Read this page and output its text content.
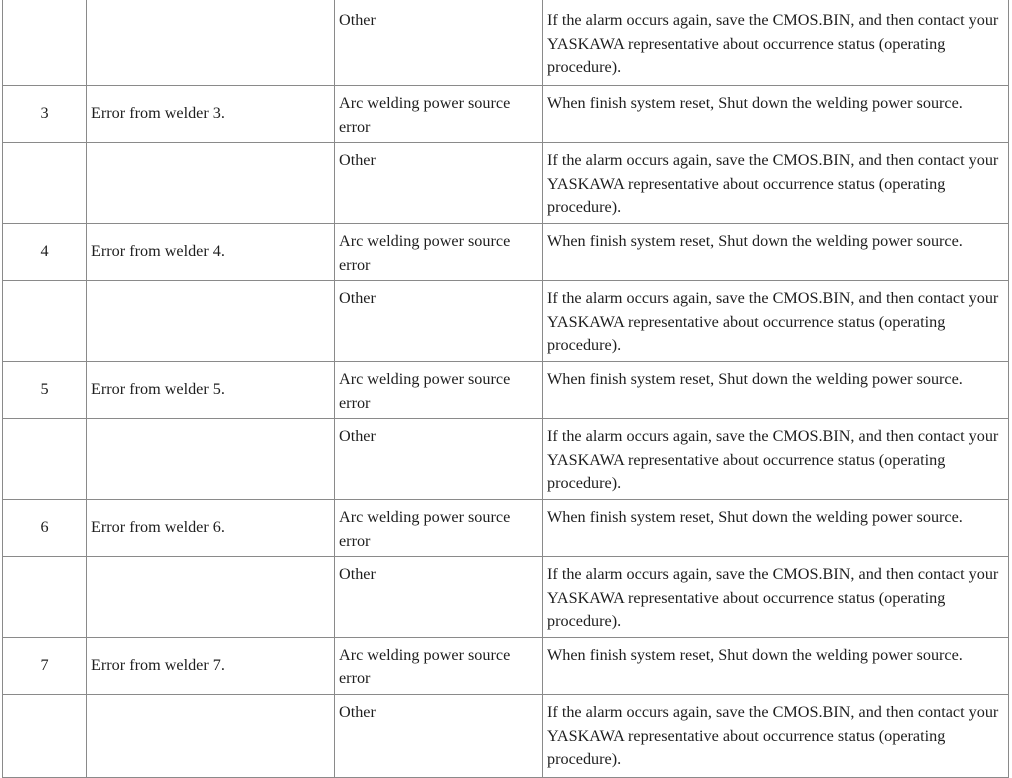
		Other	If the alarm occurs again, save the CMOS.BIN, and then contact your YASKAWA representative about occurrence status (operating procedure).
3	Error from welder 3.	Arc welding power source error	When finish system reset, Shut down the welding power source.
		Other	If the alarm occurs again, save the CMOS.BIN, and then contact your YASKAWA representative about occurrence status (operating procedure).
4	Error from welder 4.	Arc welding power source error	When finish system reset, Shut down the welding power source.
		Other	If the alarm occurs again, save the CMOS.BIN, and then contact your YASKAWA representative about occurrence status (operating procedure).
5	Error from welder 5.	Arc welding power source error	When finish system reset, Shut down the welding power source.
		Other	If the alarm occurs again, save the CMOS.BIN, and then contact your YASKAWA representative about occurrence status (operating procedure).
6	Error from welder 6.	Arc welding power source error	When finish system reset, Shut down the welding power source.
		Other	If the alarm occurs again, save the CMOS.BIN, and then contact your YASKAWA representative about occurrence status (operating procedure).
7	Error from welder 7.	Arc welding power source error	When finish system reset, Shut down the welding power source.
		Other	If the alarm occurs again, save the CMOS.BIN, and then contact your YASKAWA representative about occurrence status (operating procedure).
